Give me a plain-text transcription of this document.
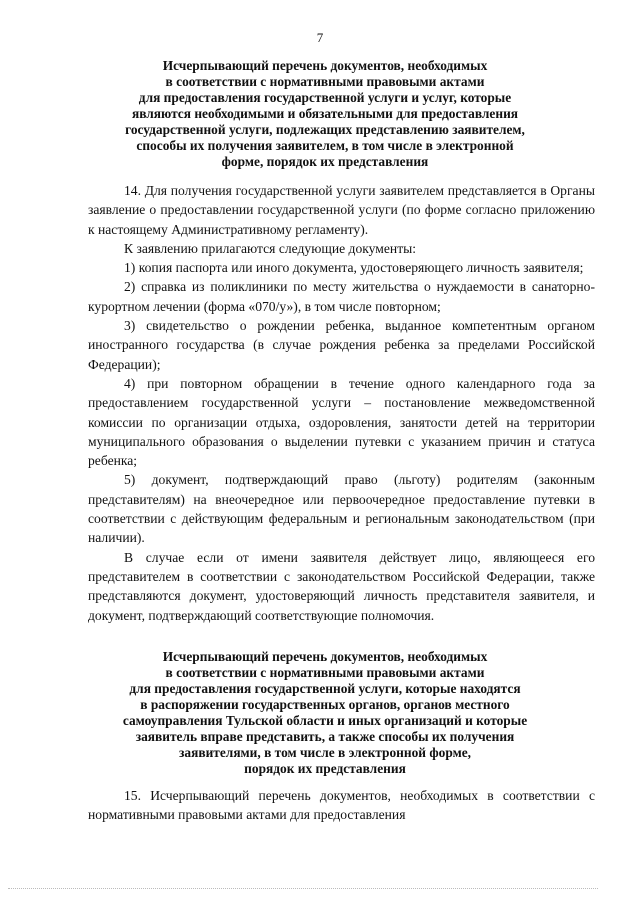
7
Исчерпывающий перечень документов, необходимых
в соответствии с нормативными правовыми актами
для предоставления государственной услуги и услуг, которые
являются необходимыми и обязательными для предоставления
государственной услуги, подлежащих представлению заявителем,
способы их получения заявителем, в том числе в электронной
форме, порядок их представления

14. Для получения государственной услуги заявителем представляется в Органы заявление о предоставлении государственной услуги (по форме согласно приложению к настоящему Административному регламенту).

К заявлению прилагаются следующие документы:

1) копия паспорта или иного документа, удостоверяющего личность заявителя;

2) справка из поликлиники по месту жительства о нуждаемости в санаторно-курортном лечении (форма «070/у»), в том числе повторном;

3) свидетельство о рождении ребенка, выданное компетентным органом иностранного государства (в случае рождения ребенка за пределами Российской Федерации);

4) при повторном обращении в течение одного календарного года за предоставлением государственной услуги – постановление межведомственной комиссии по организации отдыха, оздоровления, занятости детей на территории муниципального образования о выделении путевки с указанием причин и статуса ребенка;

5) документ, подтверждающий право (льготу) родителям (законным представителям) на внеочередное или первоочередное предоставление путевки в соответствии с действующим федеральным и региональным законодательством (при наличии).

В случае если от имени заявителя действует лицо, являющееся его представителем в соответствии с законодательством Российской Федерации, также представляются документ, удостоверяющий личность представителя заявителя, и документ, подтверждающий соответствующие полномочия.

Исчерпывающий перечень документов, необходимых
в соответствии с нормативными правовыми актами
для предоставления государственной услуги, которые находятся
в распоряжении государственных органов, органов местного
самоуправления Тульской области и иных организаций и которые
заявитель вправе представить, а также способы их получения
заявителями, в том числе в электронной форме,
порядок их представления

15. Исчерпывающий перечень документов, необходимых в соответствии с нормативными правовыми актами для предоставления
